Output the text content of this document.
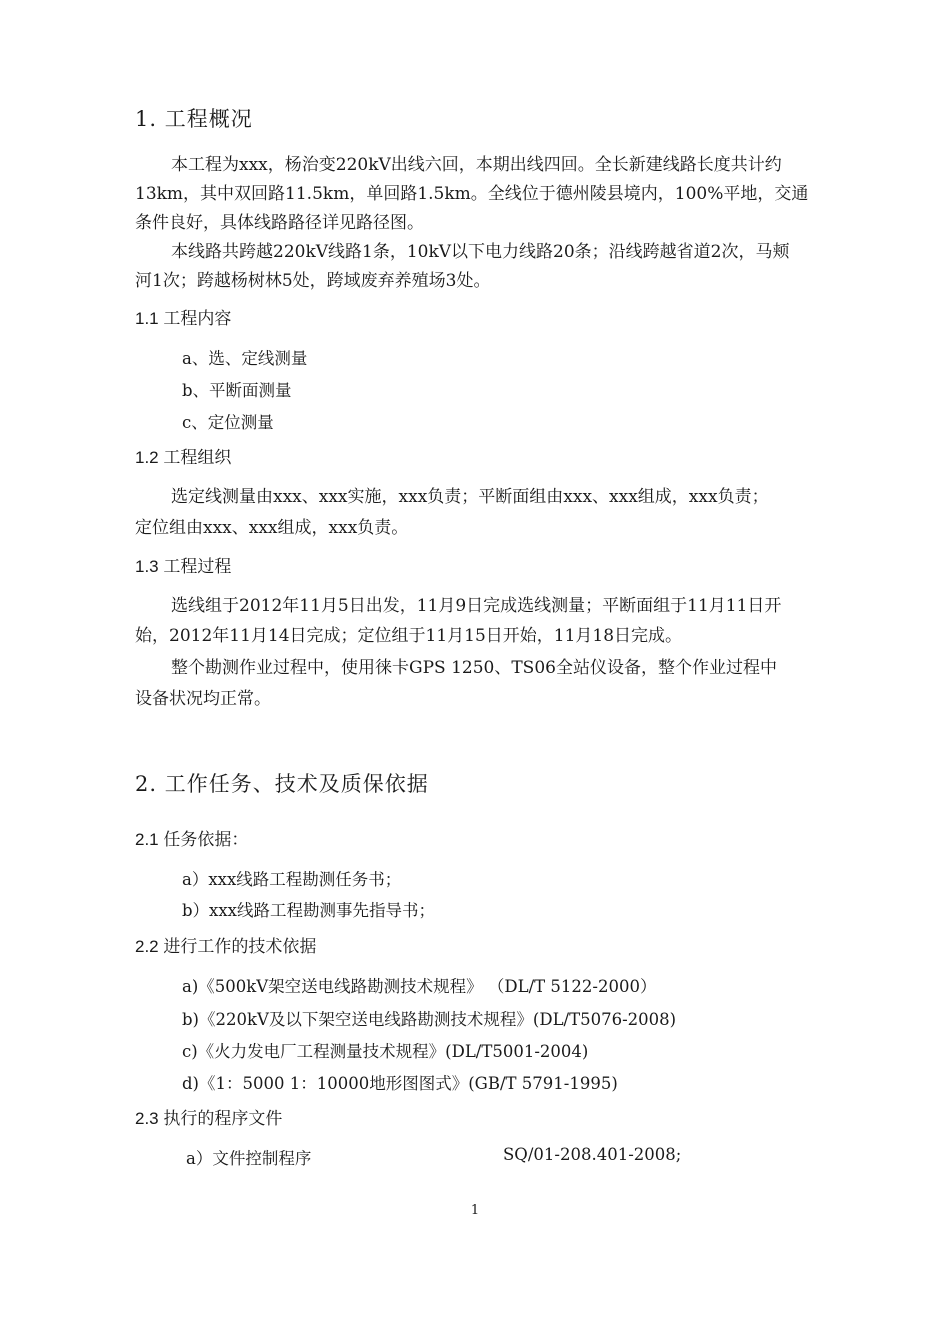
1. 工程概况
本工程为xxx，杨治变220kV出线六回，本期出线四回。全长新建线路长度共计约
13km，其中双回路11.5km，单回路1.5km。全线位于德州陵县境内，100%平地，交通
条件良好，具体线路路径详见路径图。
本线路共跨越220kV线路1条，10kV以下电力线路20条；沿线跨越省道2次，马颊
河1次；跨越杨树林5处，跨域废弃养殖场3处。
1.1 工程内容
a、选、定线测量
b、平断面测量
c、定位测量
1.2 工程组织
选定线测量由xxx、xxx实施，xxx负责；平断面组由xxx、xxx组成，xxx负责；
定位组由xxx、xxx组成，xxx负责。
1.3 工程过程
选线组于2012年11月5日出发，11月9日完成选线测量；平断面组于11月11日开
始，2012年11月14日完成；定位组于11月15日开始，11月18日完成。
整个勘测作业过程中，使用徕卡GPS 1250、TS06全站仪设备，整个作业过程中
设备状况均正常。
2. 工作任务、技术及质保依据
2.1 任务依据：
a）xxx线路工程勘测任务书；
b）xxx线路工程勘测事先指导书；
2.2 进行工作的技术依据
a)《500kV架空送电线路勘测技术规程》 （DL/T 5122-2000）
b)《220kV及以下架空送电线路勘测技术规程》(DL/T5076-2008)
c)《火力发电厂工程测量技术规程》(DL/T5001-2004)
d)《1：5000 1：10000地形图图式》(GB/T 5791-1995)
2.3 执行的程序文件
a）文件控制程序	SQ/01-208.401-2008;
1
